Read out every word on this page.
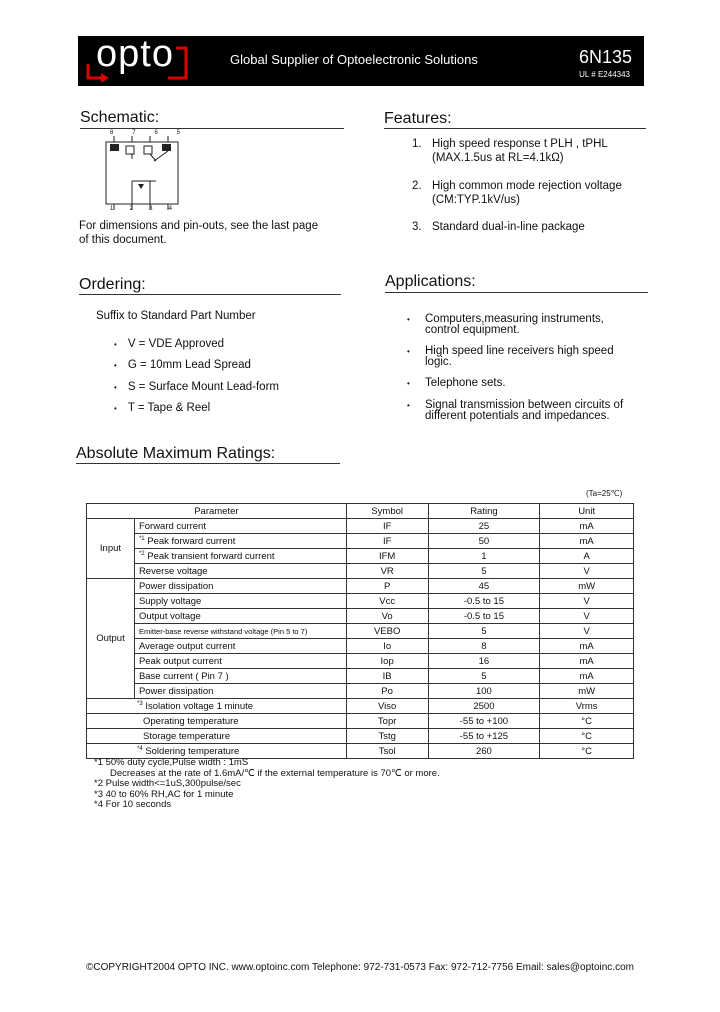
opto	Global Supplier of Optoelectronic Solutions	6N135
UL # E244343
Schematic:
8	7	6	5
1	2	3	4
For dimensions and pin-outs, see the last page of this document.
Features:
1. High speed response t PLH , tPHL
(MAX.1.5us at RL=4.1kΩ)
2. High common mode rejection voltage
(CM:TYP.1kV/us)
3. Standard dual-in-line package
Ordering:
Suffix to Standard Part Number
• V = VDE Approved
• G = 10mm Lead Spread
• S = Surface Mount Lead-form
• T = Tape & Reel
Applications:
• Computers,measuring instruments,
control equipment.
• High speed line receivers high speed
logic.
• Telephone sets.
• Signal transmission between circuits of
different potentials and impedances.
Absolute Maximum Ratings:
(Ta=25℃)
Parameter		Symbol	Rating	Unit
Input	Forward current	IF	25	mA
	$^{*1}$ Peak forward current	IF	50	mA
	$^{*2}$ Peak transient forward current	IFM	1	A
	Reverse voltage	VR	5	V
Output	Power dissipation	P	45	mW
	Supply voltage	Vcc	-0.5 to 15	V
	Output voltage	Vo	-0.5 to 15	V
	Emitter-base reverse withstand voltage (Pin 5 to 7)	VEBO	5	V
	Average output current	Io	8	mA
	Peak output current	Iop	16	mA
	Base current ( Pin 7 )	IB	5	mA
	Power dissipation	Po	100	mW
$^{*3}$ Isolation voltage 1 minute		Viso	2500	Vrms
Operating temperature		Topr	-55 to +100	°C
Storage temperature		Tstg	-55 to +125	°C
$^{*4}$ Soldering temperature		Tsol	260	°C
*1 50% duty cycle,Pulse width : 1mS
Decreases at the rate of 1.6mA/℃ if the external temperature is 70℃ or more.
*2 Pulse width<=1uS,300pulse/sec
*3 40 to 60% RH,AC for 1 minute
*4 For 10 seconds
©COPYRIGHT2004 OPTO INC. www.optoinc.com Telephone: 972-731-0573 Fax: 972-712-7756 Email: sales@optoinc.com
